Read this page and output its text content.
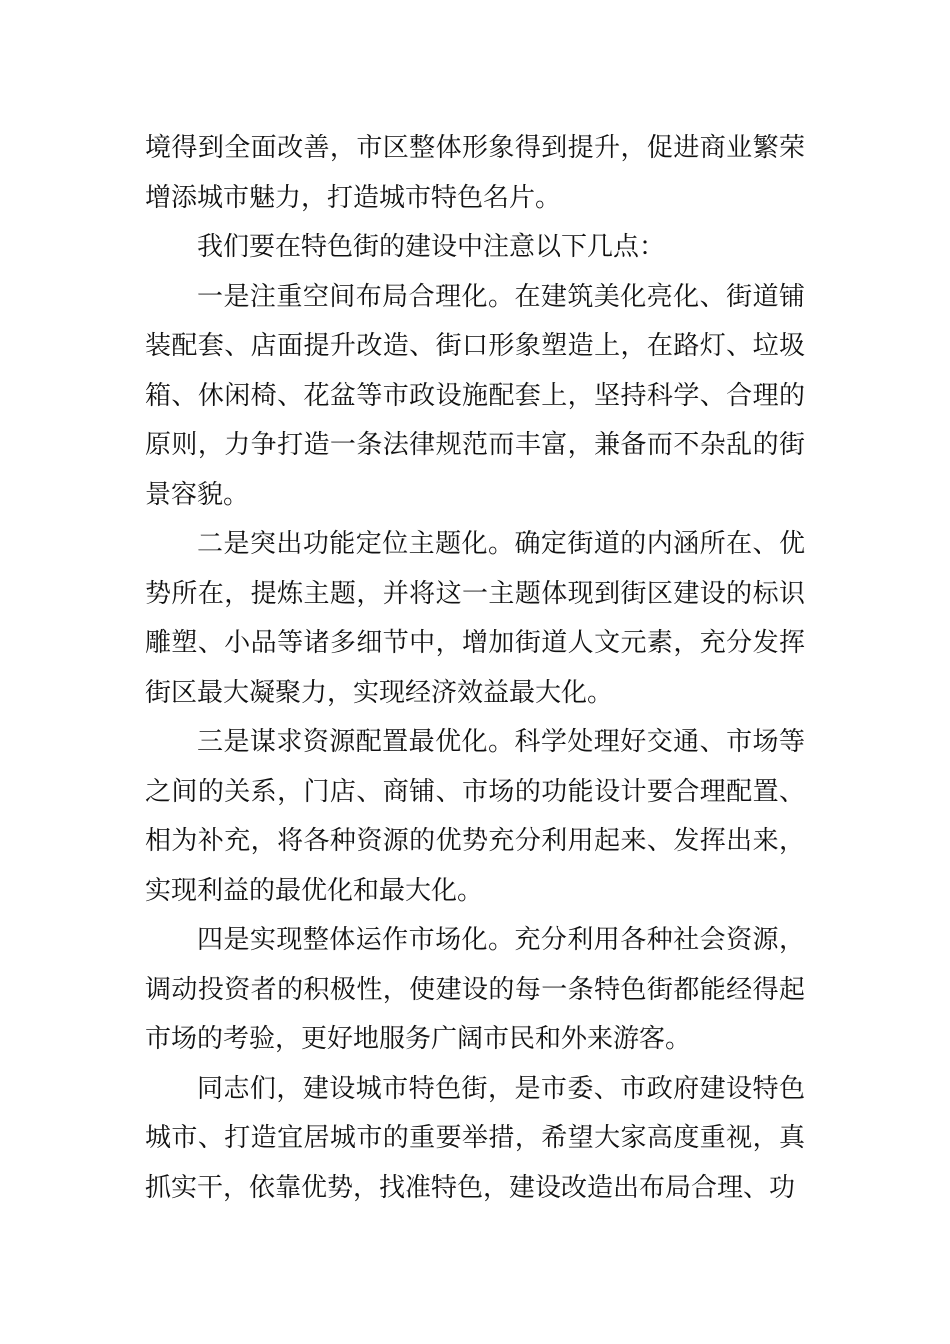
境得到全面改善，市区整体形象得到提升，促进商业繁荣增添城市魅力，打造城市特色名片。

我们要在特色街的建设中注意以下几点：

一是注重空间布局合理化。在建筑美化亮化、街道铺装配套、店面提升改造、街口形象塑造上，在路灯、垃圾箱、休闲椅、花盆等市政设施配套上，坚持科学、合理的原则，力争打造一条法律规范而丰富，兼备而不杂乱的街景容貌。

二是突出功能定位主题化。确定街道的内涵所在、优势所在，提炼主题，并将这一主题体现到街区建设的标识雕塑、小品等诸多细节中，增加街道人文元素，充分发挥街区最大凝聚力，实现经济效益最大化。

三是谋求资源配置最优化。科学处理好交通、市场等之间的关系，门店、商铺、市场的功能设计要合理配置、相为补充，将各种资源的优势充分利用起来、发挥出来，实现利益的最优化和最大化。

四是实现整体运作市场化。充分利用各种社会资源，调动投资者的积极性，使建设的每一条特色街都能经得起市场的考验，更好地服务广阔市民和外来游客。

同志们，建设城市特色街，是市委、市政府建设特色城市、打造宜居城市的重要举措，希望大家高度重视，真抓实干，依靠优势，找准特色，建设改造出布局合理、功
